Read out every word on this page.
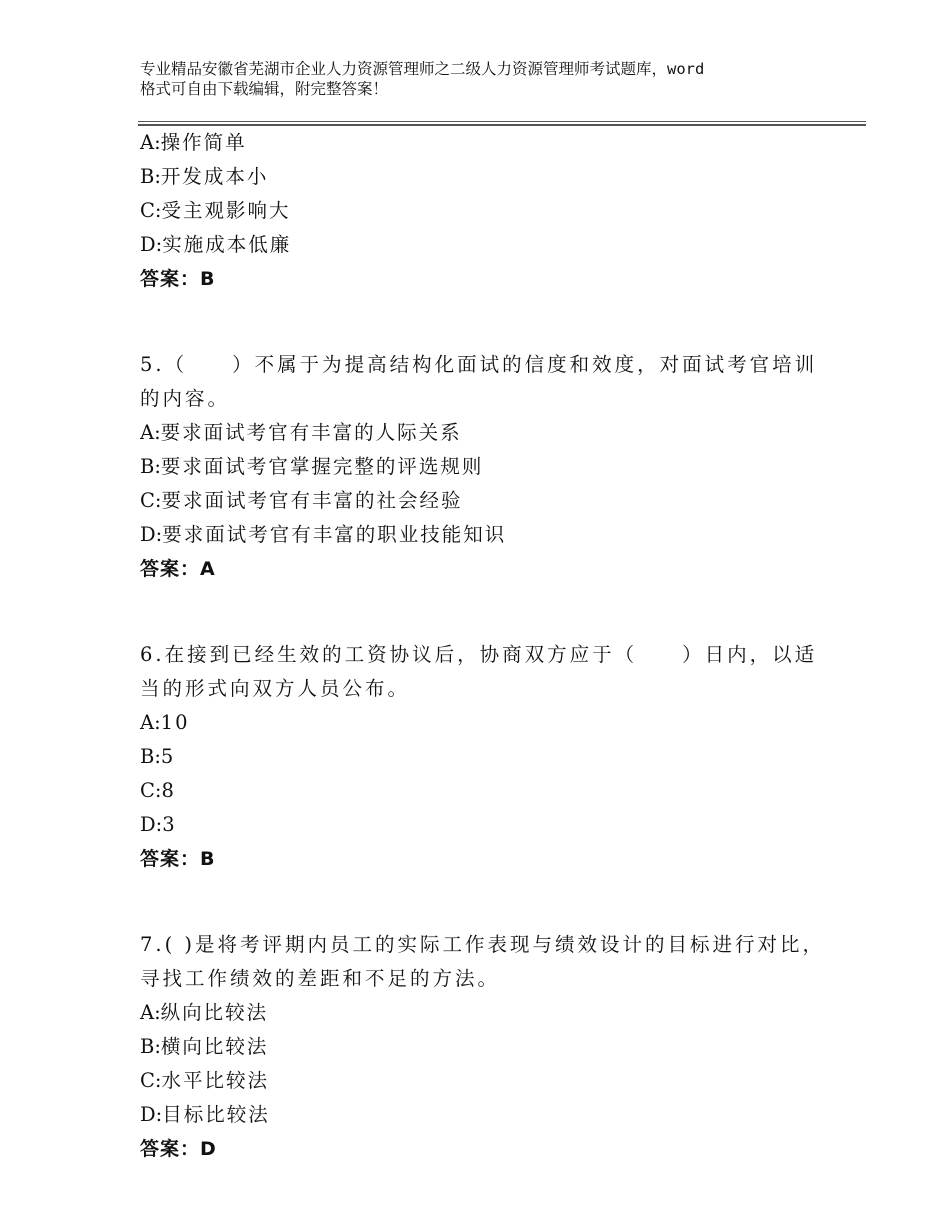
专业精品安徽省芜湖市企业人力资源管理师之二级人力资源管理师考试题库，word
格式可自由下载编辑，附完整答案！
A:操作简单
B:开发成本小
C:受主观影响大
D:实施成本低廉
答案：B
5.（　　）不属于为提高结构化面试的信度和效度，对面试考官培训
的内容。
A:要求面试考官有丰富的人际关系
B:要求面试考官掌握完整的评选规则
C:要求面试考官有丰富的社会经验
D:要求面试考官有丰富的职业技能知识
答案：A
6.在接到已经生效的工资协议后，协商双方应于（　　）日内，以适
当的形式向双方人员公布。
A:10
B:5
C:8
D:3
答案：B
7.( )是将考评期内员工的实际工作表现与绩效设计的目标进行对比，
寻找工作绩效的差距和不足的方法。
A:纵向比较法
B:横向比较法
C:水平比较法
D:目标比较法
答案：D
